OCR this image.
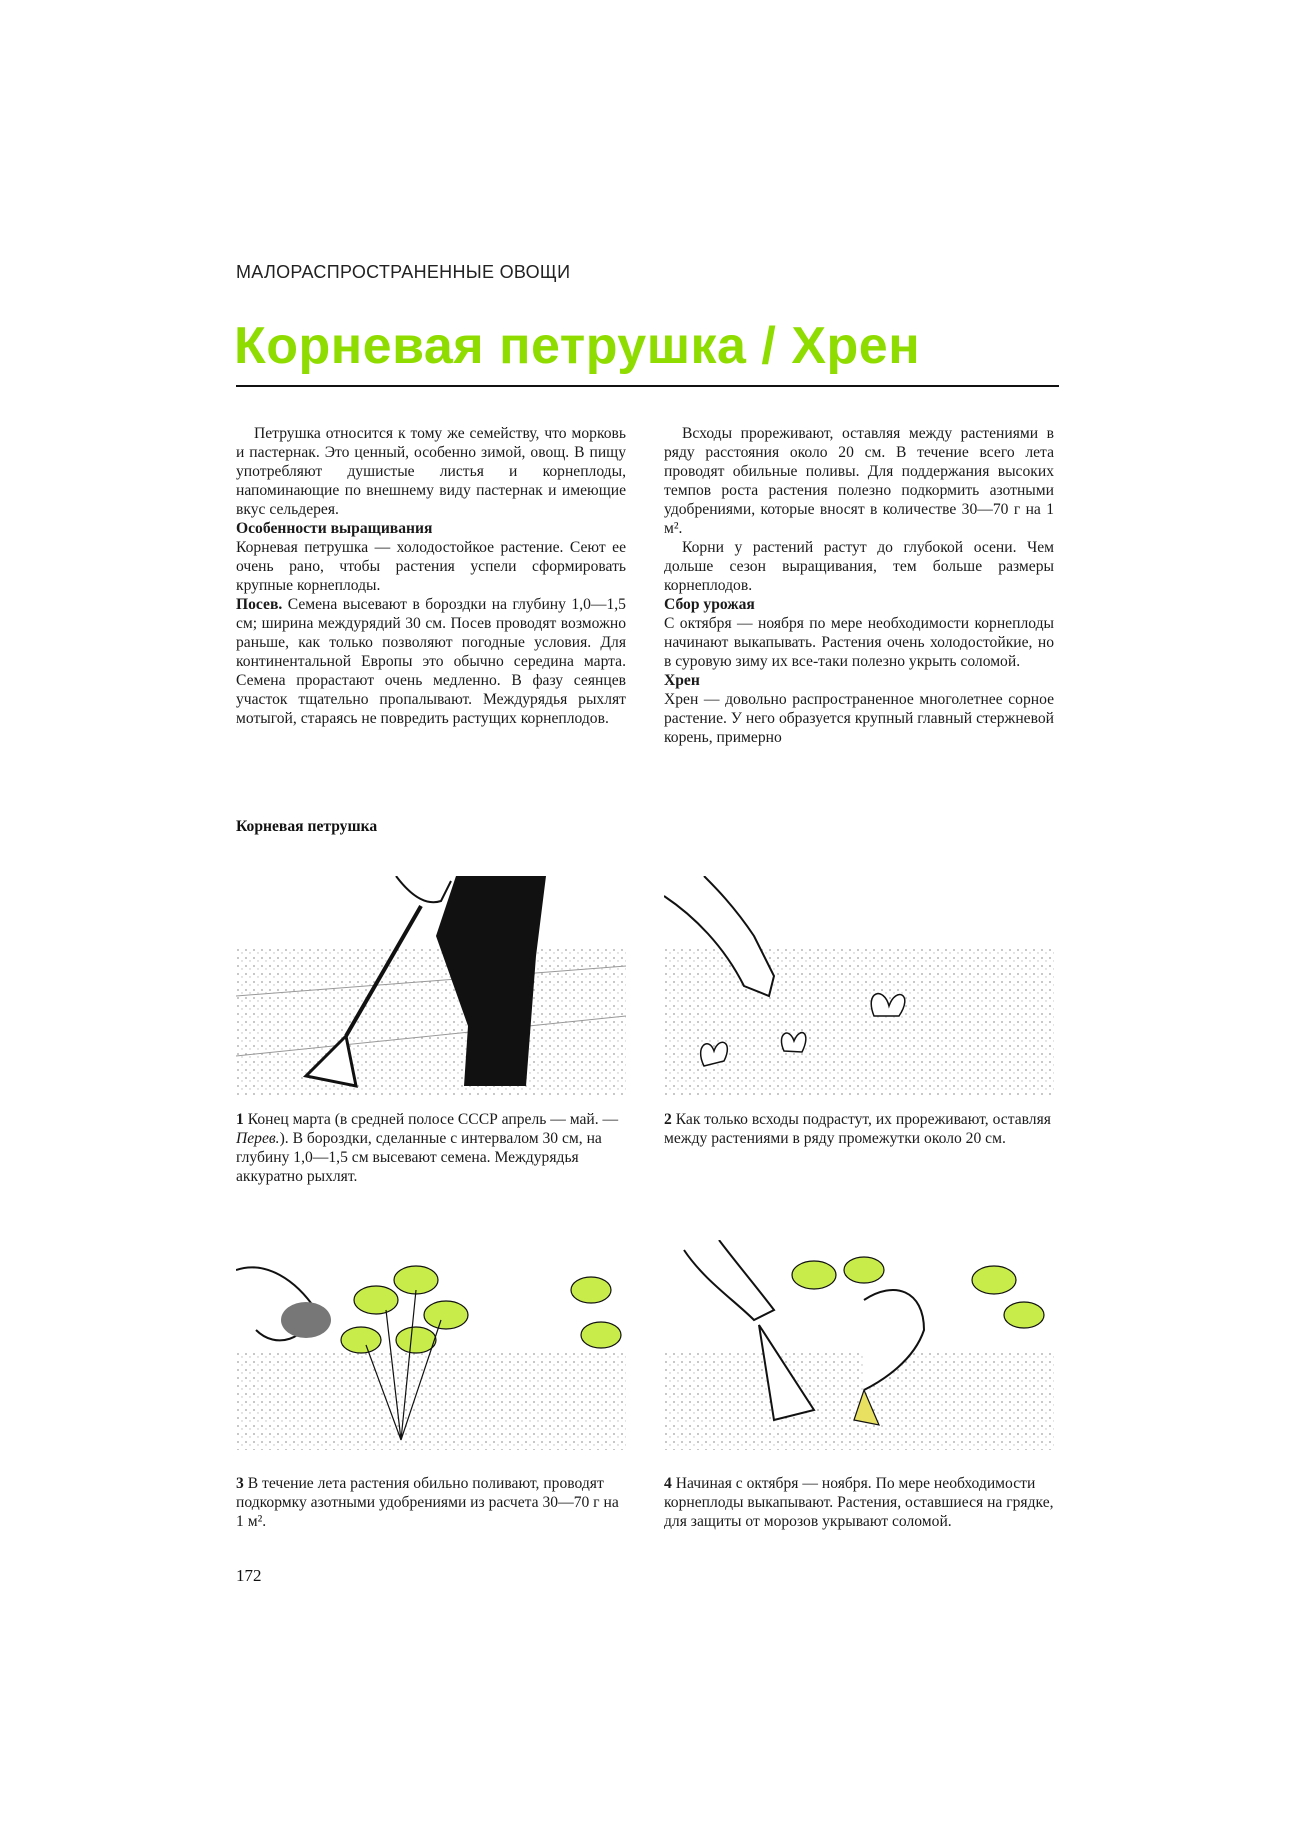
МАЛОРАСПРОСТРАНЕННЫЕ ОВОЩИ
Корневая петрушка / Хрен

Петрушка относится к тому же семейству, что морковь и пастернак. Это ценный, особенно зимой, овощ. В пищу употребляют душистые листья и корнеплоды, напоминающие по внешнему виду пастернак и имеющие вкус сельдерея.

Особенности выращивания

Корневая петрушка — холодостойкое растение. Сеют ее очень рано, чтобы растения успели сформировать крупные корнеплоды.

Посев. Семена высевают в бороздки на глубину 1,0—1,5 см; ширина междурядий 30 см. Посев проводят возможно раньше, как только позволяют погодные условия. Для континентальной Европы это обычно середина марта. Семена прорастают очень медленно. В фазу сеянцев участок тщательно пропалывают. Междурядья рыхлят мотыгой, стараясь не повредить растущих корнеплодов.

Всходы прореживают, оставляя между растениями в ряду расстояния около 20 см. В течение всего лета проводят обильные поливы. Для поддержания высоких темпов роста растения полезно подкормить азотными удобрениями, которые вносят в количестве 30—70 г на 1 м².

Корни у растений растут до глубокой осени. Чем дольше сезон выращивания, тем больше размеры корнеплодов.

Сбор урожая

С октября — ноября по мере необходимости корнеплоды начинают выкапывать. Растения очень холодостойкие, но в суровую зиму их все-таки полезно укрыть соломой.

Хрен

Хрен — довольно распространенное многолетнее сорное растение. У него образуется крупный главный стержневой корень, примерно

Корневая петрушка
1 Конец марта (в средней полосе СССР апрель — май. — Перев.). В бороздки, сделанные с интервалом 30 см, на глубину 1,0—1,5 см высевают семена. Междурядья аккуратно рыхлят.
2 Как только всходы подрастут, их прореживают, оставляя между растениями в ряду промежутки около 20 см.
3 В течение лета растения обильно поливают, проводят подкормку азотными удобрениями из расчета 30—70 г на 1 м².
4 Начиная с октября — ноября. По мере необходимости корнеплоды выкапывают. Растения, оставшиеся на грядке, для защиты от морозов укрывают соломой.
172
